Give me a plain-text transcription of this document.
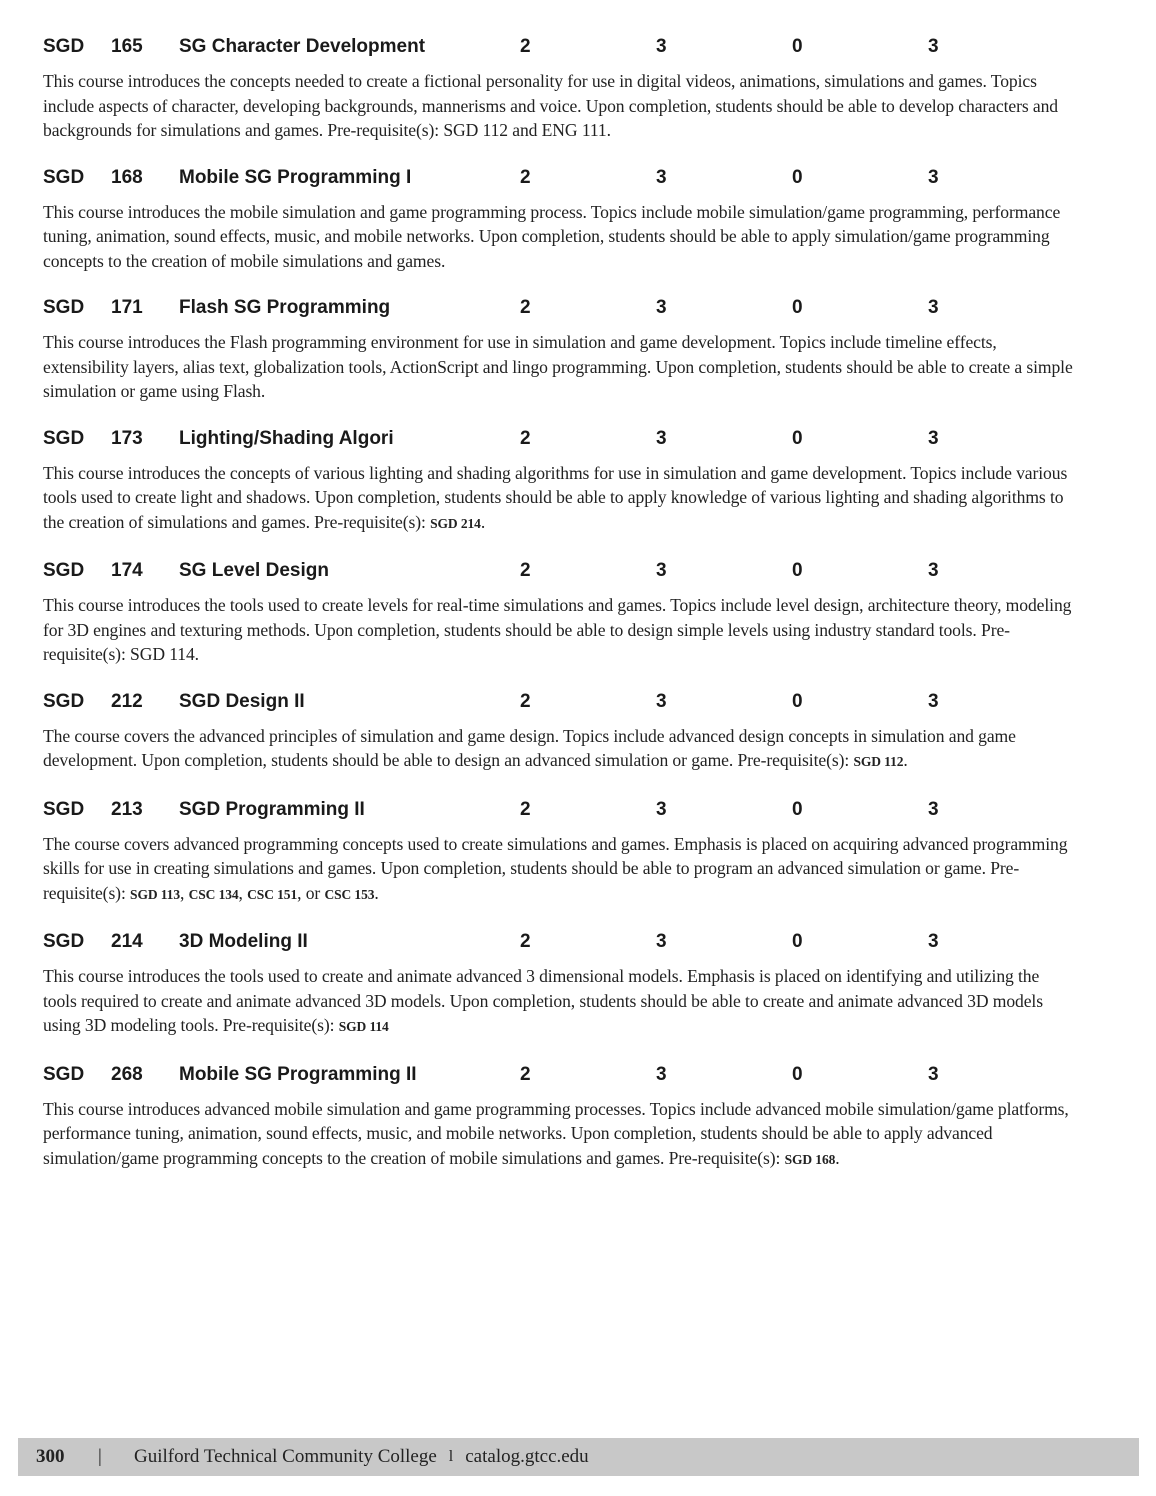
SGD	165	SG Character Development	2	3	0	3
This course introduces the concepts needed to create a fictional personality for use in digital videos, animations, simulations and games. Topics include aspects of character, developing backgrounds, mannerisms and voice. Upon completion, students should be able to develop characters and backgrounds for simulations and games. Pre-requisite(s): SGD 112 and ENG 111.
SGD	168	Mobile SG Programming I	2	3	0	3
This course introduces the mobile simulation and game programming process. Topics include mobile simulation/game programming, performance tuning, animation, sound effects, music, and mobile networks. Upon completion, students should be able to apply simulation/game programming concepts to the creation of mobile simulations and games.
SGD	171	Flash SG Programming	2	3	0	3
This course introduces the Flash programming environment for use in simulation and game development. Topics include timeline effects, extensibility layers, alias text, globalization tools, ActionScript and lingo programming. Upon completion, students should be able to create a simple simulation or game using Flash.
SGD	173	Lighting/Shading Algori	2	3	0	3
This course introduces the concepts of various lighting and shading algorithms for use in simulation and game development. Topics include various tools used to create light and shadows. Upon completion, students should be able to apply knowledge of various lighting and shading algorithms to the creation of simulations and games. Pre-requisite(s): SGD 214.
SGD	174	SG Level Design	2	3	0	3
This course introduces the tools used to create levels for real-time simulations and games. Topics include level design, architecture theory, modeling for 3D engines and texturing methods. Upon completion, students should be able to design simple levels using industry standard tools. Pre-requisite(s): SGD 114.
SGD	212	SGD Design II	2	3	0	3
The course covers the advanced principles of simulation and game design. Topics include advanced design concepts in simulation and game development. Upon completion, students should be able to design an advanced simulation or game. Pre-requisite(s): SGD 112.
SGD	213	SGD Programming II	2	3	0	3
The course covers advanced programming concepts used to create simulations and games. Emphasis is placed on acquiring advanced programming skills for use in creating simulations and games. Upon completion, students should be able to program an advanced simulation or game. Pre-requisite(s): SGD 113, CSC 134, CSC 151, or CSC 153.
SGD	214	3D Modeling II	2	3	0	3
This course introduces the tools used to create and animate advanced 3 dimensional models. Emphasis is placed on identifying and utilizing the tools required to create and animate advanced 3D models. Upon completion, students should be able to create and animate advanced 3D models using 3D modeling tools. Pre-requisite(s): SGD 114
SGD	268	Mobile SG Programming II	2	3	0	3
This course introduces advanced mobile simulation and game programming processes. Topics include advanced mobile simulation/game platforms, performance tuning, animation, sound effects, music, and mobile networks. Upon completion, students should be able to apply advanced simulation/game programming concepts to the creation of mobile simulations and games. Pre-requisite(s): SGD 168.
300	|	Guilford Technical Community College l catalog.gtcc.edu
